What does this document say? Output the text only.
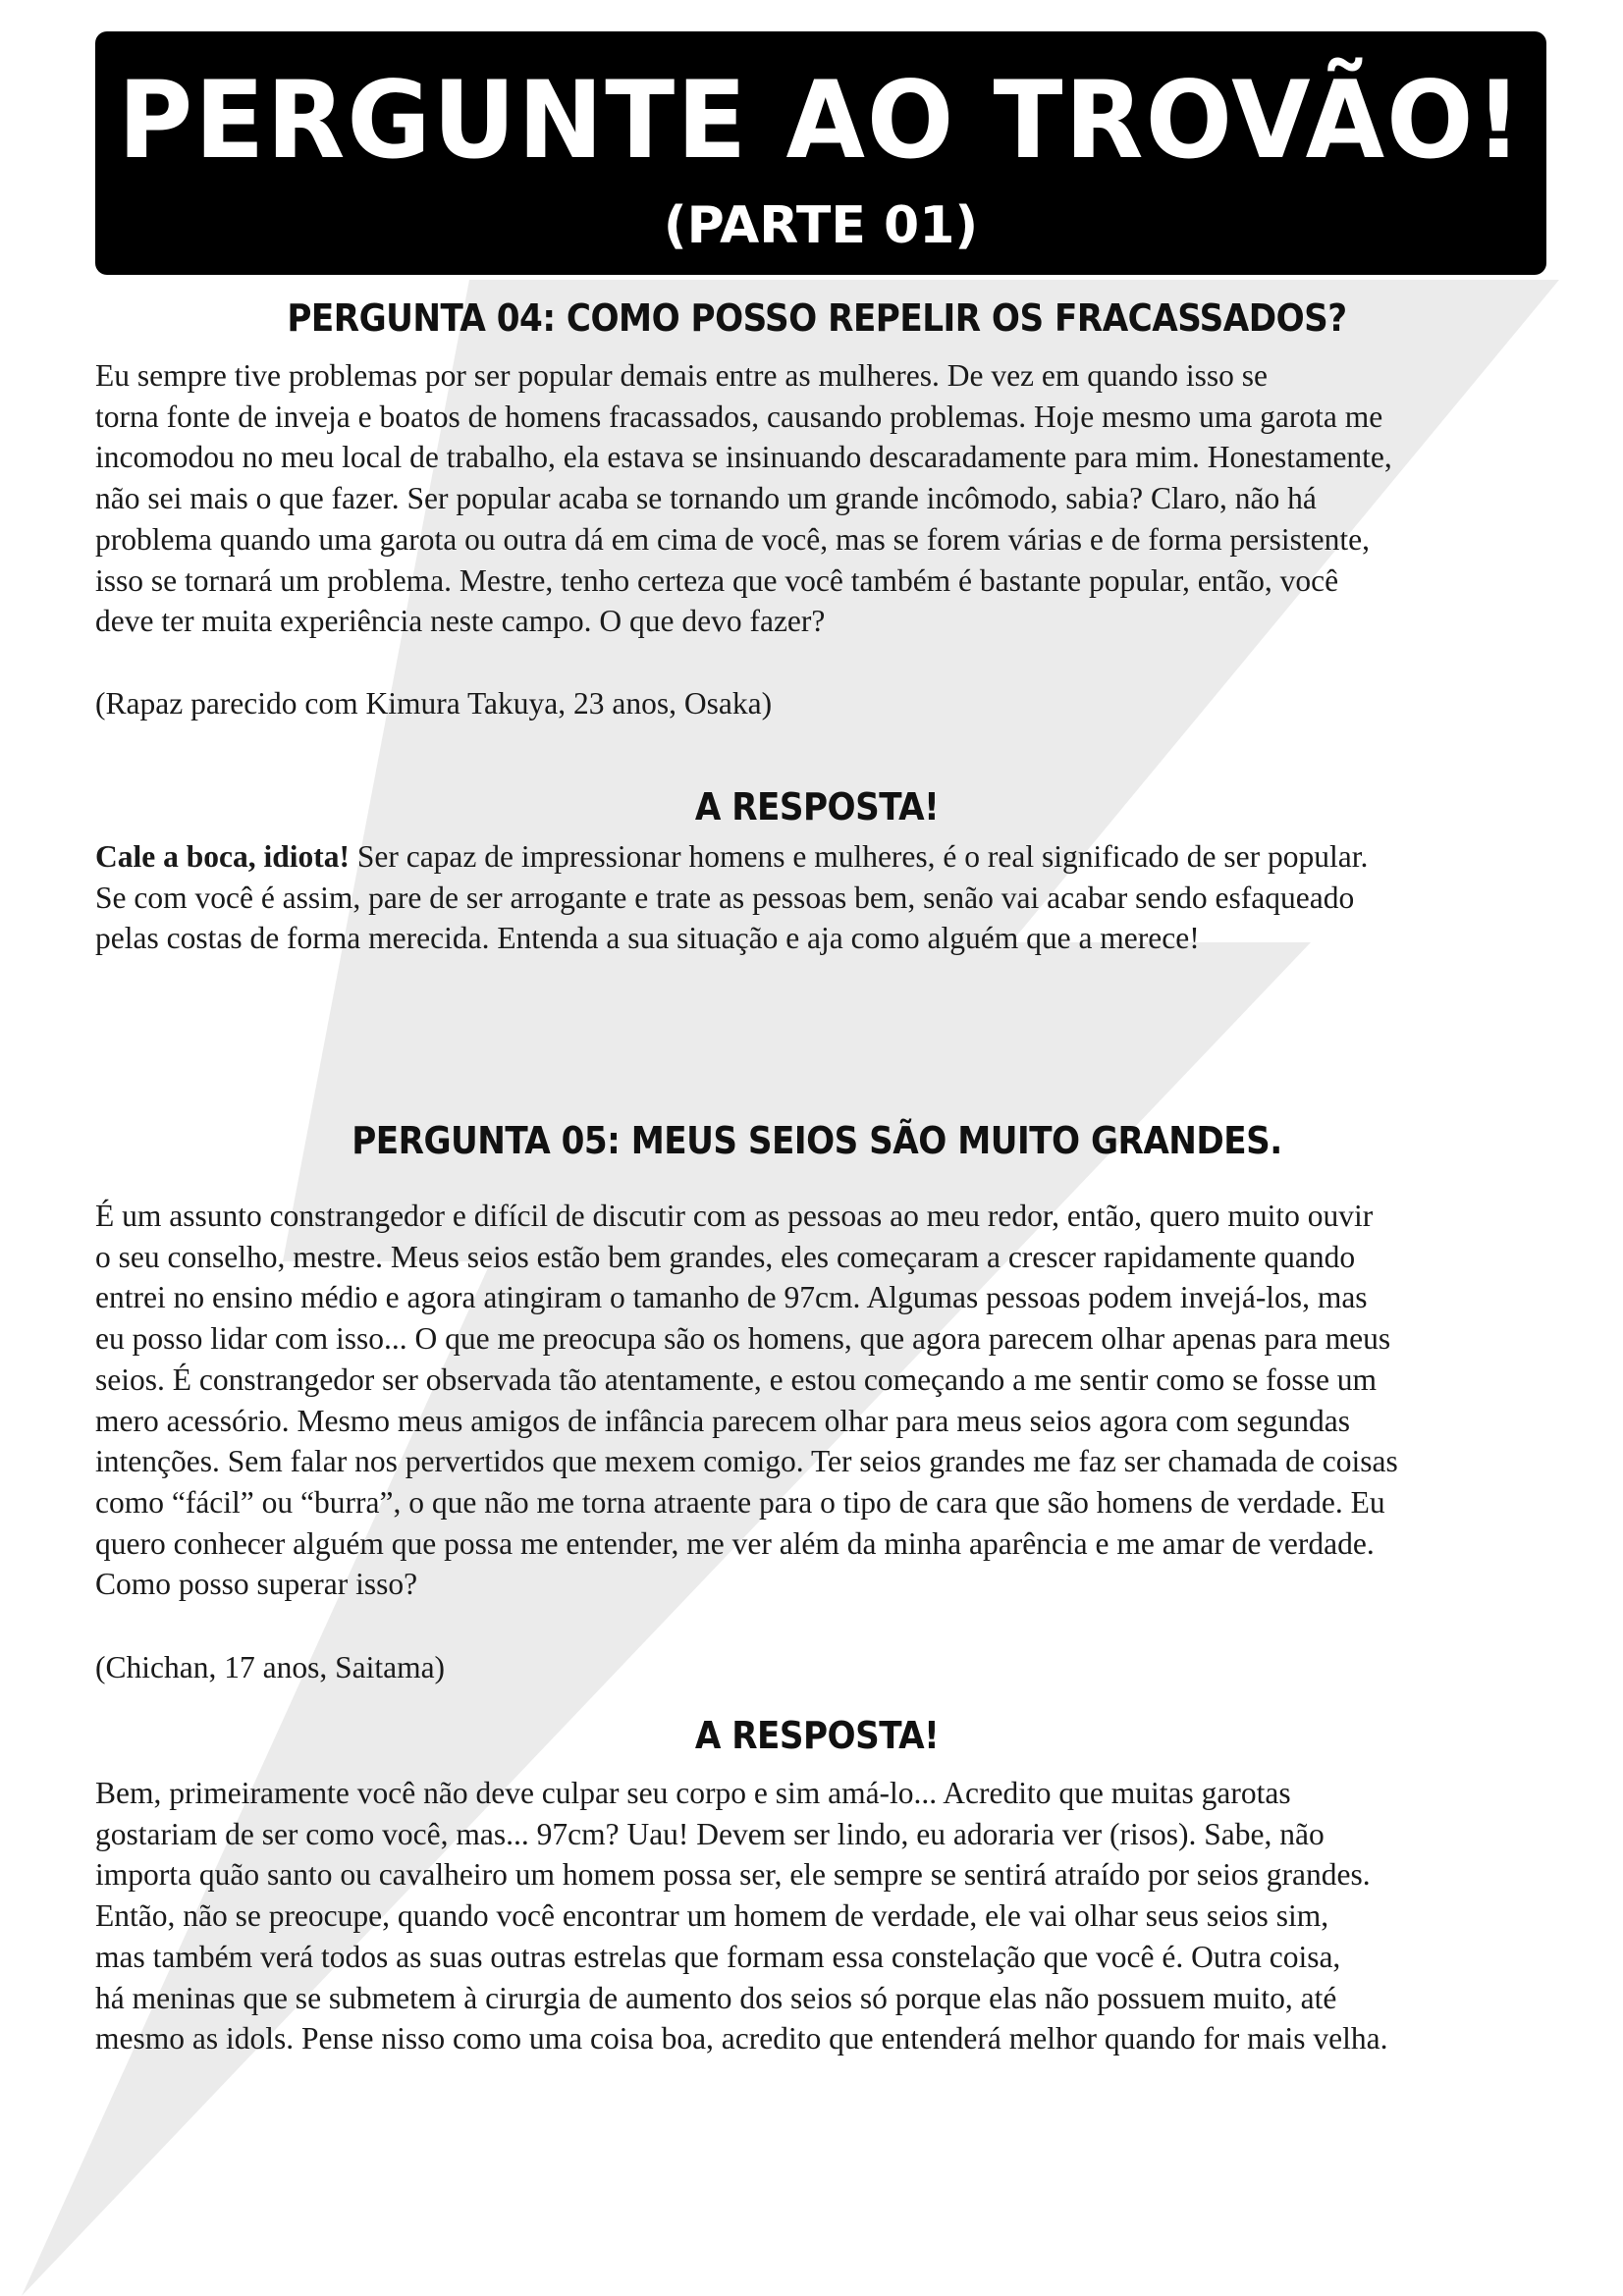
PERGUNTE AO TROVÃO!
(PARTE 01)
PERGUNTA 04: COMO POSSO REPELIR OS FRACASSADOS?

Eu sempre tive problemas por ser popular demais entre as mulheres. De vez em quando isso se
torna fonte de inveja e boatos de homens fracassados, causando problemas. Hoje mesmo uma garota me
incomodou no meu local de trabalho, ela estava se insinuando descaradamente para mim. Honestamente,
não sei mais o que fazer. Ser popular acaba se tornando um grande incômodo, sabia? Claro, não há
problema quando uma garota ou outra dá em cima de você, mas se forem várias e de forma persistente,
isso se tornará um problema. Mestre, tenho certeza que você também é bastante popular, então, você
deve ter muita experiência neste campo. O que devo fazer?

(Rapaz parecido com Kimura Takuya, 23 anos, Osaka)

A RESPOSTA!

Cale a boca, idiota! Ser capaz de impressionar homens e mulheres, é o real significado de ser popular.
Se com você é assim, pare de ser arrogante e trate as pessoas bem, senão vai acabar sendo esfaqueado
pelas costas de forma merecida. Entenda a sua situação e aja como alguém que a merece!

PERGUNTA 05: MEUS SEIOS SÃO MUITO GRANDES.

É um assunto constrangedor e difícil de discutir com as pessoas ao meu redor, então, quero muito ouvir
o seu conselho, mestre. Meus seios estão bem grandes, eles começaram a crescer rapidamente quando
entrei no ensino médio e agora atingiram o tamanho de 97cm. Algumas pessoas podem invejá-los, mas
eu posso lidar com isso... O que me preocupa são os homens, que agora parecem olhar apenas para meus
seios. É constrangedor ser observada tão atentamente, e estou começando a me sentir como se fosse um
mero acessório. Mesmo meus amigos de infância parecem olhar para meus seios agora com segundas
intenções. Sem falar nos pervertidos que mexem comigo. Ter seios grandes me faz ser chamada de coisas
como “fácil” ou “burra”, o que não me torna atraente para o tipo de cara que são homens de verdade. Eu
quero conhecer alguém que possa me entender, me ver além da minha aparência e me amar de verdade.
Como posso superar isso?

(Chichan, 17 anos, Saitama)

A RESPOSTA!

Bem, primeiramente você não deve culpar seu corpo e sim amá-lo... Acredito que muitas garotas
gostariam de ser como você, mas... 97cm? Uau! Devem ser lindo, eu adoraria ver (risos). Sabe, não
importa quão santo ou cavalheiro um homem possa ser, ele sempre se sentirá atraído por seios grandes.
Então, não se preocupe, quando você encontrar um homem de verdade, ele vai olhar seus seios sim,
mas também verá todos as suas outras estrelas que formam essa constelação que você é. Outra coisa,
há meninas que se submetem à cirurgia de aumento dos seios só porque elas não possuem muito, até
mesmo as idols. Pense nisso como uma coisa boa, acredito que entenderá melhor quando for mais velha.
